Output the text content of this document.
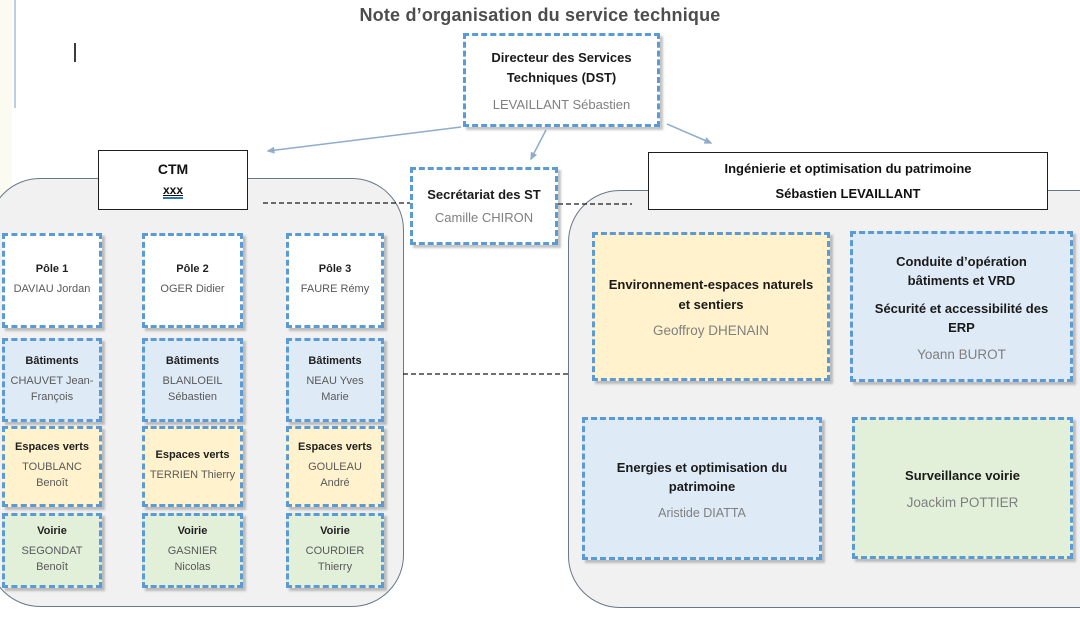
Note d’organisation du service technique
Directeur des Services Techniques (DST)
LEVAILLANT Sébastien
CTM
xxx	Secrétariat des ST
Camille CHIRON
Ingénierie et optimisation du patrimoine
Sébastien LEVAILLANT
Pôle 1
DAVIAU Jordan
Bâtiments
CHAUVET Jean-François
Espaces verts
TOUBLANC Benoît
Voirie
SEGONDAT Benoît
Pôle 2
OGER Didier
Bâtiments
BLANLOEIL Sébastien
Espaces verts
TERRIEN Thierry
Voirie
GASNIER Nicolas
Pôle 3
FAURE Rémy
Bâtiments
NEAU Yves Marie
Espaces verts
GOULEAU André
Voirie
COURDIER Thierry
Environnement-espaces naturels et sentiers
Geoffroy DHENAIN
Conduite d’opération bâtiments et VRD
Sécurité et accessibilité des ERP
Yoann BUROT
Energies et optimisation du patrimoine
Aristide DIATTA
Surveillance voirie
Joackim POTTIER
